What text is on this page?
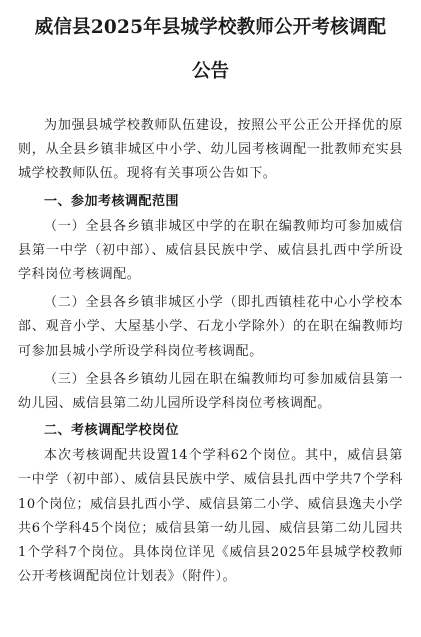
威信县2025年县城学校教师公开考核调配
公告

为加强县城学校教师队伍建设，按照公平公正公开择优的原则，从全县乡镇非城区中小学、幼儿园考核调配一批教师充实县城学校教师队伍。现将有关事项公告如下。

一、参加考核调配范围

（一）全县各乡镇非城区中学的在职在编教师均可参加威信县第一中学（初中部）、威信县民族中学、威信县扎西中学所设学科岗位考核调配。

（二）全县各乡镇非城区小学（即扎西镇桂花中心小学校本部、观音小学、大屋基小学、石龙小学除外）的在职在编教师均可参加县城小学所设学科岗位考核调配。

（三）全县各乡镇幼儿园在职在编教师均可参加威信县第一幼儿园、威信县第二幼儿园所设学科岗位考核调配。

二、考核调配学校岗位

本次考核调配共设置14个学科62个岗位。其中，威信县第一中学（初中部）、威信县民族中学、威信县扎西中学共7个学科10个岗位；威信县扎西小学、威信县第二小学、威信县逸夫小学共6个学科45个岗位；威信县第一幼儿园、威信县第二幼儿园共1个学科7个岗位。具体岗位详见《威信县2025年县城学校教师公开考核调配岗位计划表》（附件）。
